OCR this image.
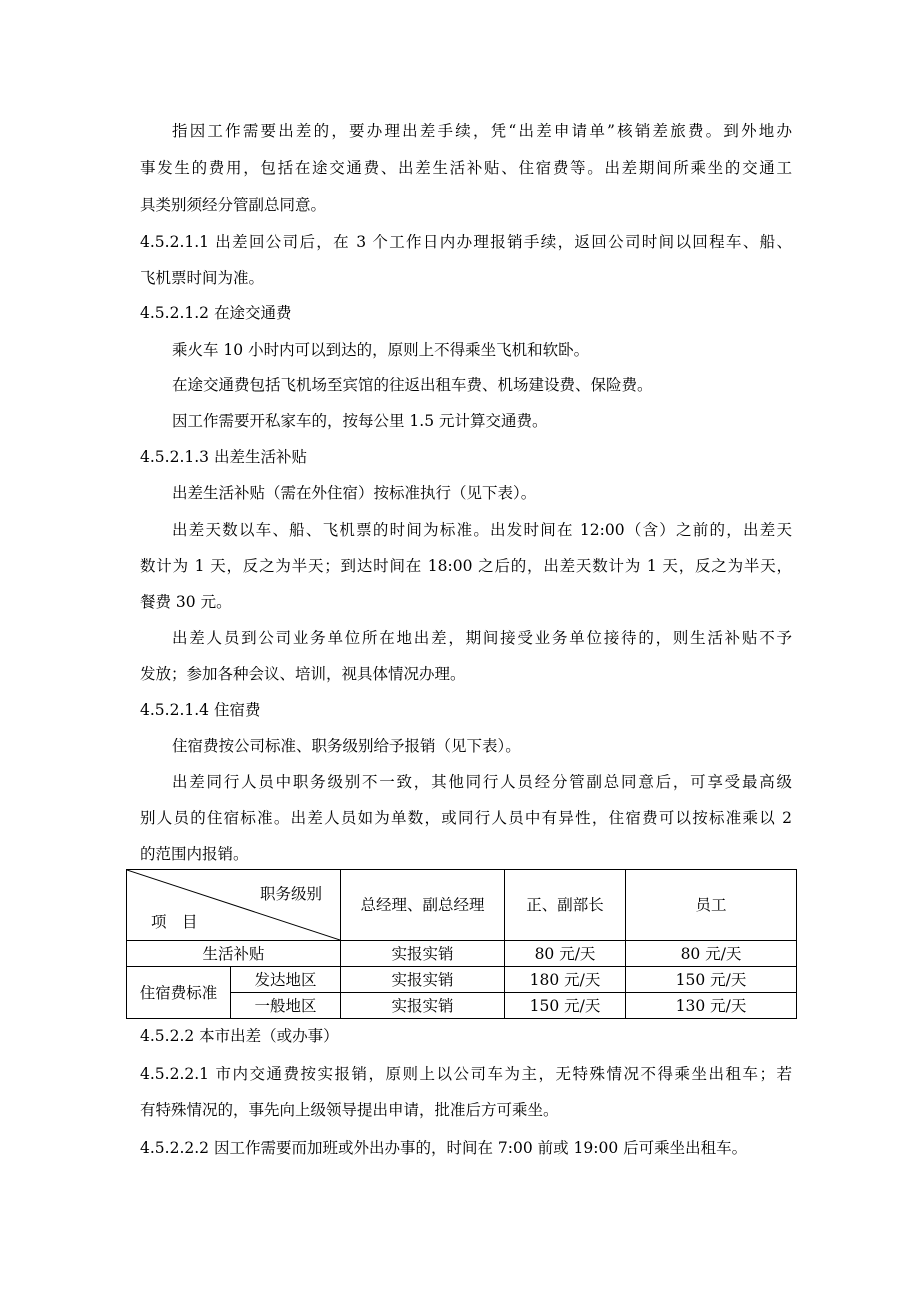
指因工作需要出差的，要办理出差手续，凭“出差申请单”核销差旅费。到外地办
事发生的费用，包括在途交通费、出差生活补贴、住宿费等。出差期间所乘坐的交通工
具类别须经分管副总同意。
4.5.2.1.1 出差回公司后，在 3 个工作日内办理报销手续，返回公司时间以回程车、船、
飞机票时间为准。
4.5.2.1.2 在途交通费
乘火车 10 小时内可以到达的，原则上不得乘坐飞机和软卧。
在途交通费包括飞机场至宾馆的往返出租车费、机场建设费、保险费。
因工作需要开私家车的，按每公里 1.5 元计算交通费。
4.5.2.1.3 出差生活补贴
出差生活补贴（需在外住宿）按标准执行（见下表）。
出差天数以车、船、飞机票的时间为标准。出发时间在 12:00（含）之前的，出差天
数计为 1 天，反之为半天；到达时间在 18:00 之后的，出差天数计为 1 天，反之为半天，
餐费 30 元。
出差人员到公司业务单位所在地出差，期间接受业务单位接待的，则生活补贴不予
发放；参加各种会议、培训，视具体情况办理。
4.5.2.1.4 住宿费
住宿费按公司标准、职务级别给予报销（见下表）。
出差同行人员中职务级别不一致，其他同行人员经分管副总同意后，可享受最高级
别人员的住宿标准。出差人员如为单数，或同行人员中有异性，住宿费可以按标准乘以 2
的范围内报销。
职务级别
项　目		总经理、副总经理	正、副部长	员工
生活补贴		实报实销	80 元/天	80 元/天
住宿费标准	发达地区	实报实销	180 元/天	150 元/天
	一般地区	实报实销	150 元/天	130 元/天
4.5.2.2 本市出差（或办事）
4.5.2.2.1 市内交通费按实报销，原则上以公司车为主，无特殊情况不得乘坐出租车；若
有特殊情况的，事先向上级领导提出申请，批准后方可乘坐。
4.5.2.2.2 因工作需要而加班或外出办事的，时间在 7:00 前或 19:00 后可乘坐出租车。
